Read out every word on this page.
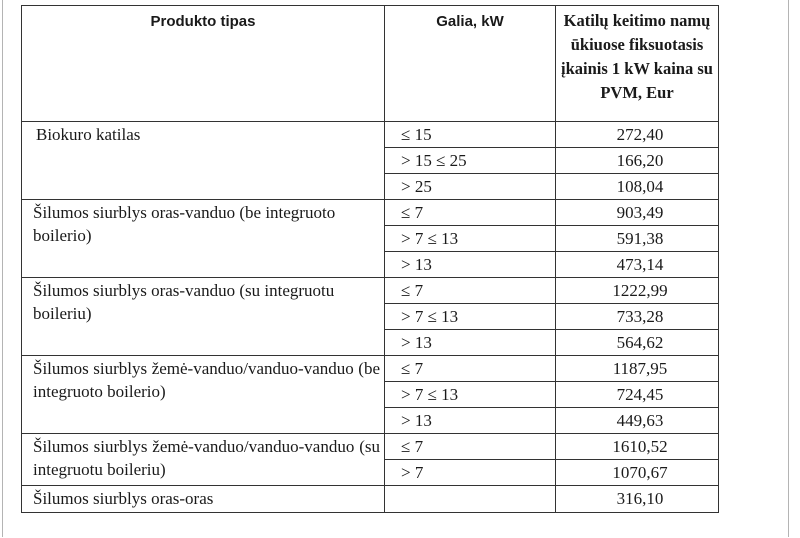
Produkto tipas	Galia, kW	Katilų keitimo namų ūkiuose fiksuotasis įkainis 1 kW kaina su PVM, Eur
Biokuro katilas	≤ 15	272,40
	> 15 ≤ 25	166,20
	> 25	108,04
Šilumos siurblys oras-vanduo (be integruoto boilerio)	≤ 7	903,49
	> 7 ≤ 13	591,38
	> 13	473,14
Šilumos siurblys oras-vanduo (su integruotu boileriu)	≤ 7	1222,99
	> 7 ≤ 13	733,28
	> 13	564,62
Šilumos siurblys žemė-vanduo/vanduo-vanduo (be integruoto boilerio)	≤ 7	1187,95
	> 7 ≤ 13	724,45
	> 13	449,63
Šilumos siurblys žemė-vanduo/vanduo-vanduo (su integruotu boileriu)	≤ 7	1610,52
	> 7	1070,67
Šilumos siurblys oras-oras		316,10
